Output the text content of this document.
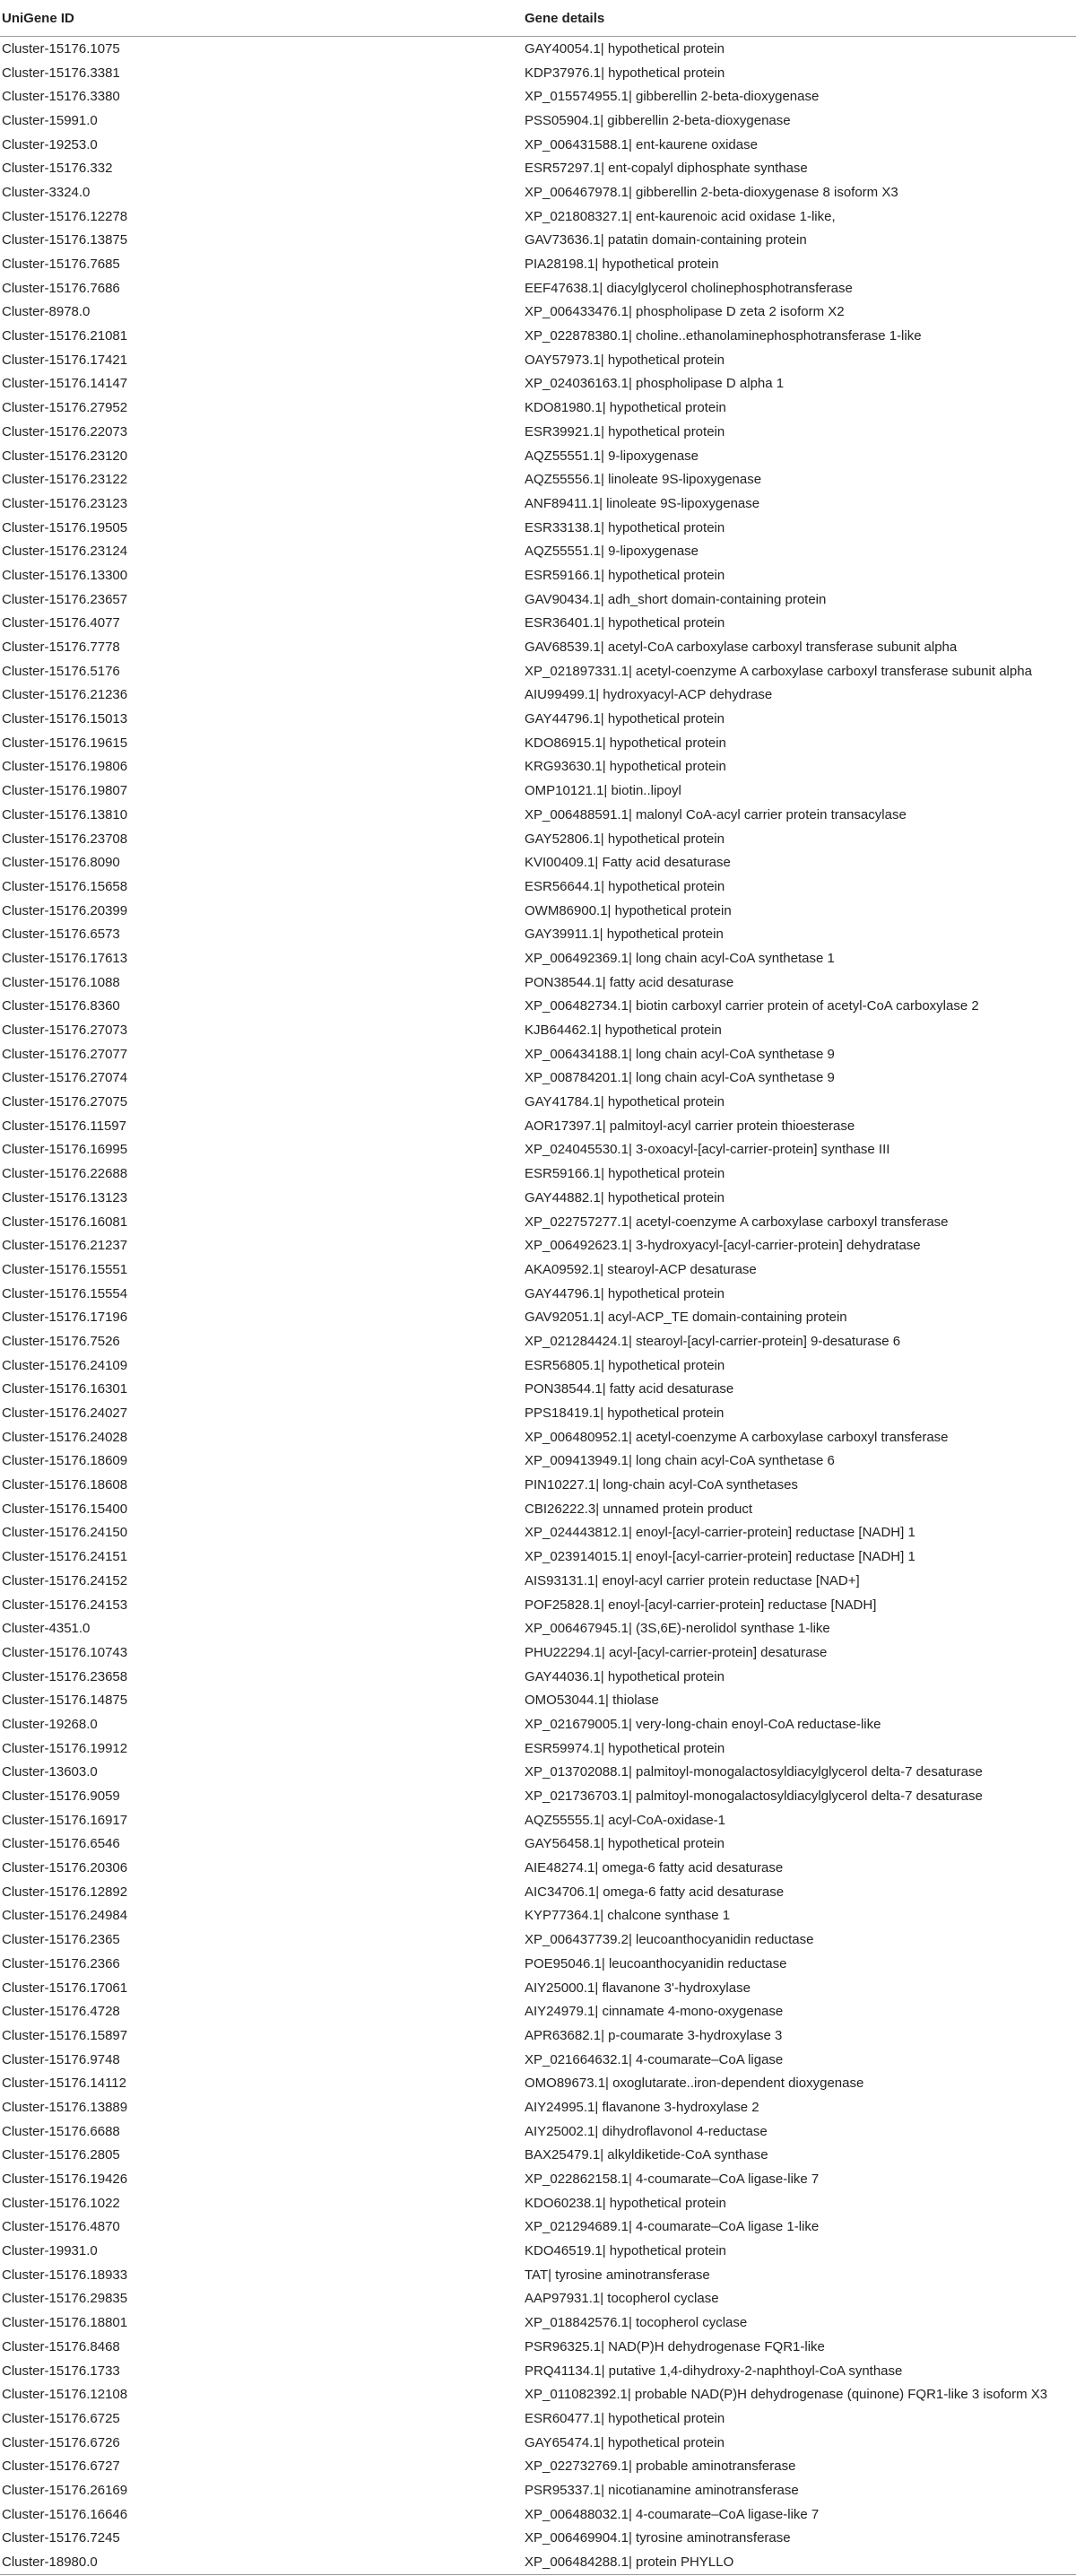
UniGene ID	Gene details
Cluster-15176.1075	GAY40054.1| hypothetical protein
Cluster-15176.3381	KDP37976.1| hypothetical protein
Cluster-15176.3380	XP_015574955.1| gibberellin 2-beta-dioxygenase
Cluster-15991.0	PSS05904.1| gibberellin 2-beta-dioxygenase
Cluster-19253.0	XP_006431588.1| ent-kaurene oxidase
Cluster-15176.332	ESR57297.1| ent-copalyl diphosphate synthase
Cluster-3324.0	XP_006467978.1| gibberellin 2-beta-dioxygenase 8 isoform X3
Cluster-15176.12278	XP_021808327.1| ent-kaurenoic acid oxidase 1-like,
Cluster-15176.13875	GAV73636.1| patatin domain-containing protein
Cluster-15176.7685	PIA28198.1| hypothetical protein
Cluster-15176.7686	EEF47638.1| diacylglycerol cholinephosphotransferase
Cluster-8978.0	XP_006433476.1| phospholipase D zeta 2 isoform X2
Cluster-15176.21081	XP_022878380.1| choline..ethanolaminephosphotransferase 1-like
Cluster-15176.17421	OAY57973.1| hypothetical protein
Cluster-15176.14147	XP_024036163.1| phospholipase D alpha 1
Cluster-15176.27952	KDO81980.1| hypothetical protein
Cluster-15176.22073	ESR39921.1| hypothetical protein
Cluster-15176.23120	AQZ55551.1| 9-lipoxygenase
Cluster-15176.23122	AQZ55556.1| linoleate 9S-lipoxygenase
Cluster-15176.23123	ANF89411.1| linoleate 9S-lipoxygenase
Cluster-15176.19505	ESR33138.1| hypothetical protein
Cluster-15176.23124	AQZ55551.1| 9-lipoxygenase
Cluster-15176.13300	ESR59166.1| hypothetical protein
Cluster-15176.23657	GAV90434.1| adh_short domain-containing protein
Cluster-15176.4077	ESR36401.1| hypothetical protein
Cluster-15176.7778	GAV68539.1| acetyl-CoA carboxylase carboxyl transferase subunit alpha
Cluster-15176.5176	XP_021897331.1| acetyl-coenzyme A carboxylase carboxyl transferase subunit alpha
Cluster-15176.21236	AIU99499.1| hydroxyacyl-ACP dehydrase
Cluster-15176.15013	GAY44796.1| hypothetical protein
Cluster-15176.19615	KDO86915.1| hypothetical protein
Cluster-15176.19806	KRG93630.1| hypothetical protein
Cluster-15176.19807	OMP10121.1| biotin..lipoyl
Cluster-15176.13810	XP_006488591.1| malonyl CoA-acyl carrier protein transacylase
Cluster-15176.23708	GAY52806.1| hypothetical protein
Cluster-15176.8090	KVI00409.1| Fatty acid desaturase
Cluster-15176.15658	ESR56644.1| hypothetical protein
Cluster-15176.20399	OWM86900.1| hypothetical protein
Cluster-15176.6573	GAY39911.1| hypothetical protein
Cluster-15176.17613	XP_006492369.1| long chain acyl-CoA synthetase 1
Cluster-15176.1088	PON38544.1| fatty acid desaturase
Cluster-15176.8360	XP_006482734.1| biotin carboxyl carrier protein of acetyl-CoA carboxylase 2
Cluster-15176.27073	KJB64462.1| hypothetical protein
Cluster-15176.27077	XP_006434188.1| long chain acyl-CoA synthetase 9
Cluster-15176.27074	XP_008784201.1| long chain acyl-CoA synthetase 9
Cluster-15176.27075	GAY41784.1| hypothetical protein
Cluster-15176.11597	AOR17397.1| palmitoyl-acyl carrier protein thioesterase
Cluster-15176.16995	XP_024045530.1| 3-oxoacyl-[acyl-carrier-protein] synthase III
Cluster-15176.22688	ESR59166.1| hypothetical protein
Cluster-15176.13123	GAY44882.1| hypothetical protein
Cluster-15176.16081	XP_022757277.1| acetyl-coenzyme A carboxylase carboxyl transferase
Cluster-15176.21237	XP_006492623.1| 3-hydroxyacyl-[acyl-carrier-protein] dehydratase
Cluster-15176.15551	AKA09592.1| stearoyl-ACP desaturase
Cluster-15176.15554	GAY44796.1| hypothetical protein
Cluster-15176.17196	GAV92051.1| acyl-ACP_TE domain-containing protein
Cluster-15176.7526	XP_021284424.1| stearoyl-[acyl-carrier-protein] 9-desaturase 6
Cluster-15176.24109	ESR56805.1| hypothetical protein
Cluster-15176.16301	PON38544.1| fatty acid desaturase
Cluster-15176.24027	PPS18419.1| hypothetical protein
Cluster-15176.24028	XP_006480952.1| acetyl-coenzyme A carboxylase carboxyl transferase
Cluster-15176.18609	XP_009413949.1| long chain acyl-CoA synthetase 6
Cluster-15176.18608	PIN10227.1| long-chain acyl-CoA synthetases
Cluster-15176.15400	CBI26222.3| unnamed protein product
Cluster-15176.24150	XP_024443812.1| enoyl-[acyl-carrier-protein] reductase [NADH] 1
Cluster-15176.24151	XP_023914015.1| enoyl-[acyl-carrier-protein] reductase [NADH] 1
Cluster-15176.24152	AIS93131.1| enoyl-acyl carrier protein reductase [NAD+]
Cluster-15176.24153	POF25828.1| enoyl-[acyl-carrier-protein] reductase [NADH]
Cluster-4351.0	XP_006467945.1| (3S,6E)-nerolidol synthase 1-like
Cluster-15176.10743	PHU22294.1| acyl-[acyl-carrier-protein] desaturase
Cluster-15176.23658	GAY44036.1| hypothetical protein
Cluster-15176.14875	OMO53044.1| thiolase
Cluster-19268.0	XP_021679005.1| very-long-chain enoyl-CoA reductase-like
Cluster-15176.19912	ESR59974.1| hypothetical protein
Cluster-13603.0	XP_013702088.1| palmitoyl-monogalactosyldiacylglycerol delta-7 desaturase
Cluster-15176.9059	XP_021736703.1| palmitoyl-monogalactosyldiacylglycerol delta-7 desaturase
Cluster-15176.16917	AQZ55555.1| acyl-CoA-oxidase-1
Cluster-15176.6546	GAY56458.1| hypothetical protein
Cluster-15176.20306	AIE48274.1| omega-6 fatty acid desaturase
Cluster-15176.12892	AIC34706.1| omega-6 fatty acid desaturase
Cluster-15176.24984	KYP77364.1| chalcone synthase 1
Cluster-15176.2365	XP_006437739.2| leucoanthocyanidin reductase
Cluster-15176.2366	POE95046.1| leucoanthocyanidin reductase
Cluster-15176.17061	AIY25000.1| flavanone 3'-hydroxylase
Cluster-15176.4728	AIY24979.1| cinnamate 4-mono-oxygenase
Cluster-15176.15897	APR63682.1| p-coumarate 3-hydroxylase 3
Cluster-15176.9748	XP_021664632.1| 4-coumarate–CoA ligase
Cluster-15176.14112	OMO89673.1| oxoglutarate..iron-dependent dioxygenase
Cluster-15176.13889	AIY24995.1| flavanone 3-hydroxylase 2
Cluster-15176.6688	AIY25002.1| dihydroflavonol 4-reductase
Cluster-15176.2805	BAX25479.1| alkyldiketide-CoA synthase
Cluster-15176.19426	XP_022862158.1| 4-coumarate–CoA ligase-like 7
Cluster-15176.1022	KDO60238.1| hypothetical protein
Cluster-15176.4870	XP_021294689.1| 4-coumarate–CoA ligase 1-like
Cluster-19931.0	KDO46519.1| hypothetical protein
Cluster-15176.18933	TAT| tyrosine aminotransferase
Cluster-15176.29835	AAP97931.1| tocopherol cyclase
Cluster-15176.18801	XP_018842576.1| tocopherol cyclase
Cluster-15176.8468	PSR96325.1| NAD(P)H dehydrogenase FQR1-like
Cluster-15176.1733	PRQ41134.1| putative 1,4-dihydroxy-2-naphthoyl-CoA synthase
Cluster-15176.12108	XP_011082392.1| probable NAD(P)H dehydrogenase (quinone) FQR1-like 3 isoform X3
Cluster-15176.6725	ESR60477.1| hypothetical protein
Cluster-15176.6726	GAY65474.1| hypothetical protein
Cluster-15176.6727	XP_022732769.1| probable aminotransferase
Cluster-15176.26169	PSR95337.1| nicotianamine aminotransferase
Cluster-15176.16646	XP_006488032.1| 4-coumarate–CoA ligase-like 7
Cluster-15176.7245	XP_006469904.1| tyrosine aminotransferase
Cluster-18980.0	XP_006484288.1| protein PHYLLO
